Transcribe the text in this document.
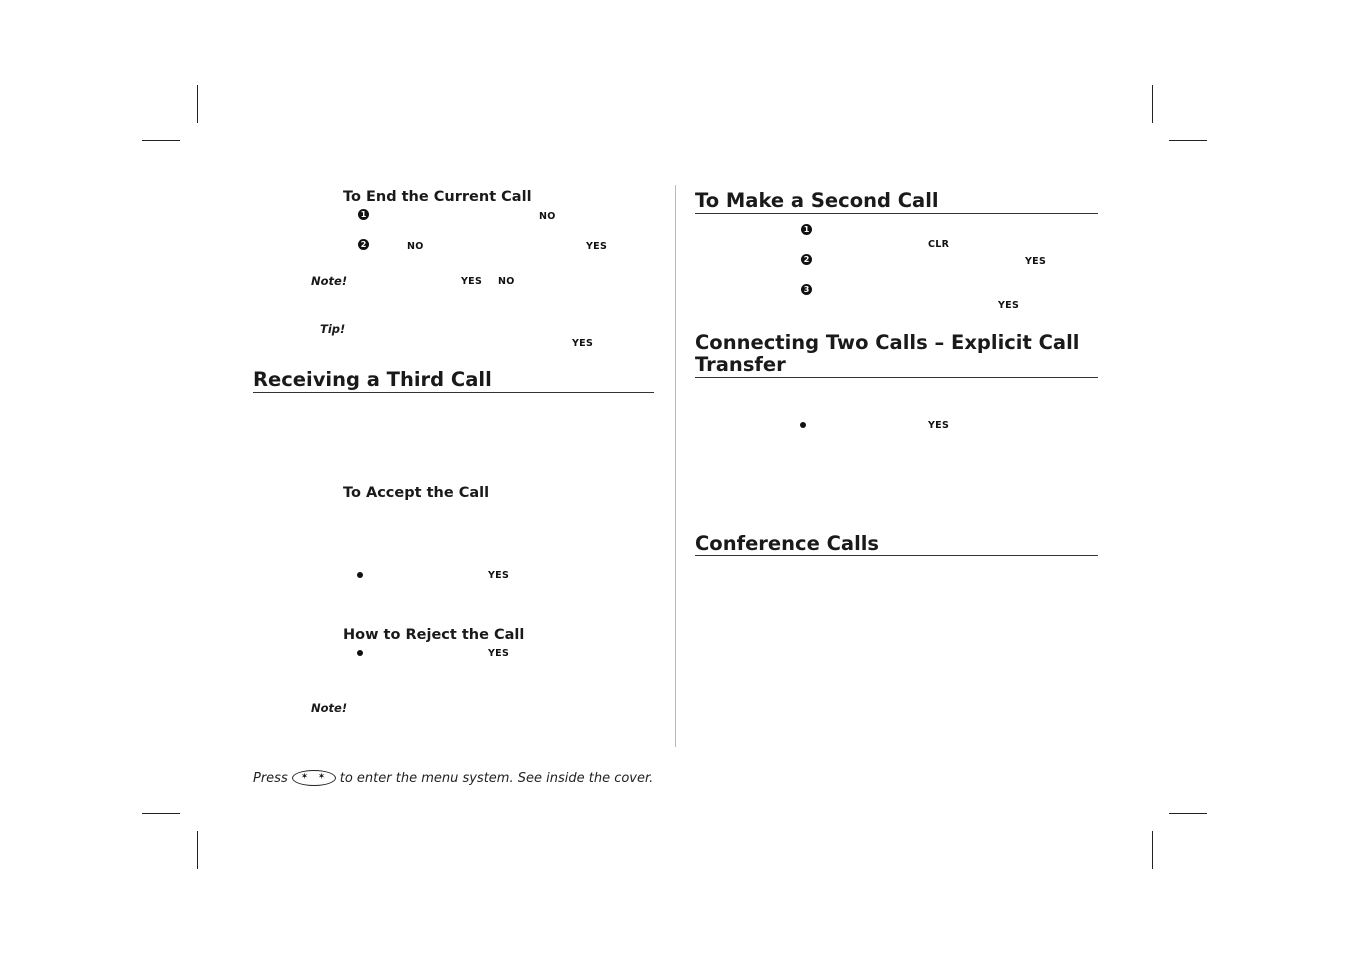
To End the Current Call
1	NO
2	NO	YES
Note!	YES NO
Tip!
YES
Receiving a Third Call
To Accept the Call
YES
How to Reject the Call
YES
Note!
To Make a Second Call
1
CLR
2	YES
3
YES
Connecting Two Calls – Explicit Call
Transfer
YES
Conference Calls
Press ✶ ✶ to enter the menu system. See inside the cover.
